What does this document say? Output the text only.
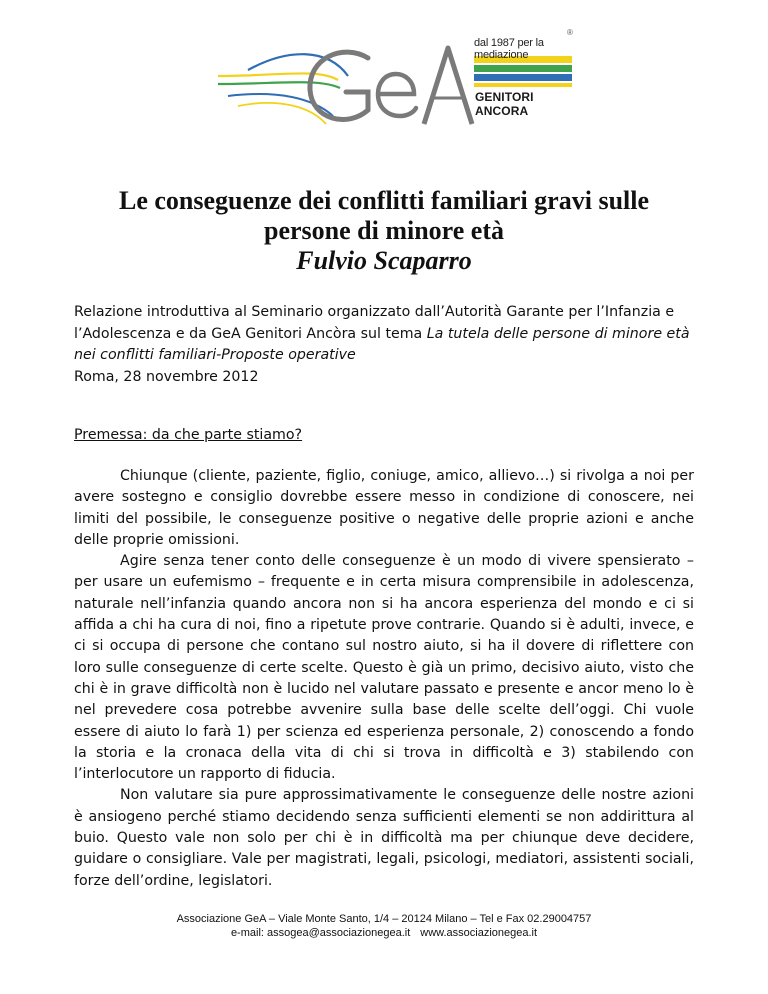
dal 1987 per la mediazione
®
GENITORI ANCORA
Le conseguenze dei conflitti familiari gravi sulle
persone di minore età
Fulvio Scaparro

Relazione introduttiva al Seminario organizzato dall’Autorità Garante per l’Infanzia e l’Adolescenza e da GeA Genitori Ancòra sul tema La tutela delle persone di minore età nei conflitti familiari-Proposte operative

Roma, 28 novembre 2012

Premessa: da che parte stiamo?

Chiunque (cliente, paziente, figlio, coniuge, amico, allievo…) si rivolga a noi per avere sostegno e consiglio dovrebbe essere messo in condizione di conoscere, nei limiti del possibile, le conseguenze positive o negative delle proprie azioni e anche delle proprie omissioni.

Agire senza tener conto delle conseguenze è un modo di vivere spensierato – per usare un eufemismo – frequente e in certa misura comprensibile in adolescenza, naturale nell’infanzia quando ancora non si ha ancora esperienza del mondo e ci si affida a chi ha cura di noi, fino a ripetute prove contrarie. Quando si è adulti, invece, e ci si occupa di persone che contano sul nostro aiuto, si ha il dovere di riflettere con loro sulle conseguenze di certe scelte. Questo è già un primo, decisivo aiuto, visto che chi è in grave difficoltà non è lucido nel valutare passato e presente e ancor meno lo è nel prevedere cosa potrebbe avvenire sulla base delle scelte dell’oggi. Chi vuole essere di aiuto lo farà 1) per scienza ed esperienza personale, 2) conoscendo a fondo la storia e la cronaca della vita di chi si trova in difficoltà e 3) stabilendo con l’interlocutore un rapporto di fiducia.

Non valutare sia pure approssimativamente le conseguenze delle nostre azioni è ansiogeno perché stiamo decidendo senza sufficienti elementi se non addirittura al buio. Questo vale non solo per chi è in difficoltà ma per chiunque deve decidere, guidare o consigliare. Vale per magistrati, legali, psicologi, mediatori, assistenti sociali, forze dell’ordine, legislatori.

Associazione GeA – Viale Monte Santo, 1/4 – 20124 Milano – Tel e Fax 02.29004757
e-mail: assogea@associazionegea.it www.associazionegea.it
